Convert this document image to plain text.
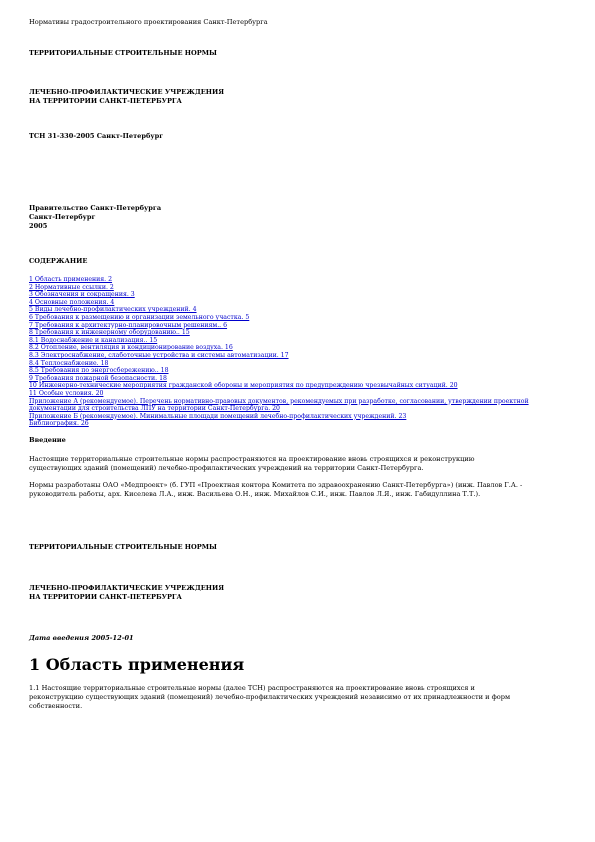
Нормативы градостроительного проектирования Санкт-Петербурга

ТЕРРИТОРИАЛЬНЫЕ СТРОИТЕЛЬНЫЕ НОРМЫ

ЛЕЧЕБНО-ПРОФИЛАКТИЧЕСКИЕ УЧРЕЖДЕНИЯ

НА ТЕРРИТОРИИ САНКТ-ПЕТЕРБУРГА

ТСН 31-330-2005 Санкт-Петербург

Правительство Санкт-Петербурга

Санкт-Петербург

2005

СОДЕРЖАНИЕ

1 Область применения. 2
2 Нормативные ссылки. 2
3 Обозначения и сокращения. 3
4 Основные положения. 4
5 Виды лечебно-профилактических учреждений. 4
6 Требования к размещению и организации земельного участка. 5
7 Требования к архитектурно-планировочным решениям.. 6
8 Требования к инженерному оборудованию.. 15
8.1 Водоснабжение и канализация.. 15
8.2 Отопление, вентиляция и кондиционирование воздуха. 16
8.3 Электроснабжение, слаботочные устройства и системы автоматизации. 17
8.4 Теплоснабжение. 18
8.5 Требования по энергосбережению.. 18
9 Требования пожарной безопасности. 18
10 Инженерно-технические мероприятия гражданской обороны и мероприятия по предупреждению чрезвычайных ситуаций. 20
11 Особые условия. 20
Приложение А (рекомендуемое). Перечень нормативно-правовых документов, рекомендуемых при разработке, согласовании, утверждении проектной документации для строительства ЛПУ на территории Санкт-Петербурга. 20
Приложение Б (рекомендуемое). Минимальные площади помещений лечебно-профилактических учреждений. 23
Библиография. 26

Введение

Настоящие территориальные строительные нормы распространяются на проектирование вновь строящихся и реконструкцию существующих зданий (помещений) лечебно-профилактических учреждений на территории Санкт-Петербурга.

Нормы разработаны ОАО «Медпроект» (б. ГУП «Проектная контора Комитета по здравоохранению Санкт-Петербурга») (инж. Павлов Г.А. - руководитель работы, арх. Киселева Л.А., инж. Васильева О.Н., инж. Михайлов С.И., инж. Павлов Л.Я., инж. Габидуллина Т.Т.).

ТЕРРИТОРИАЛЬНЫЕ СТРОИТЕЛЬНЫЕ НОРМЫ

ЛЕЧЕБНО-ПРОФИЛАКТИЧЕСКИЕ УЧРЕЖДЕНИЯ

НА ТЕРРИТОРИИ САНКТ-ПЕТЕРБУРГА

Дата введения 2005-12-01

1 Область применения

1.1 Настоящие территориальные строительные нормы (далее ТСН) распространяются на проектирование вновь строящихся и реконструкцию существующих зданий (помещений) лечебно-профилактических учреждений независимо от их принадлежности и форм собственности.
